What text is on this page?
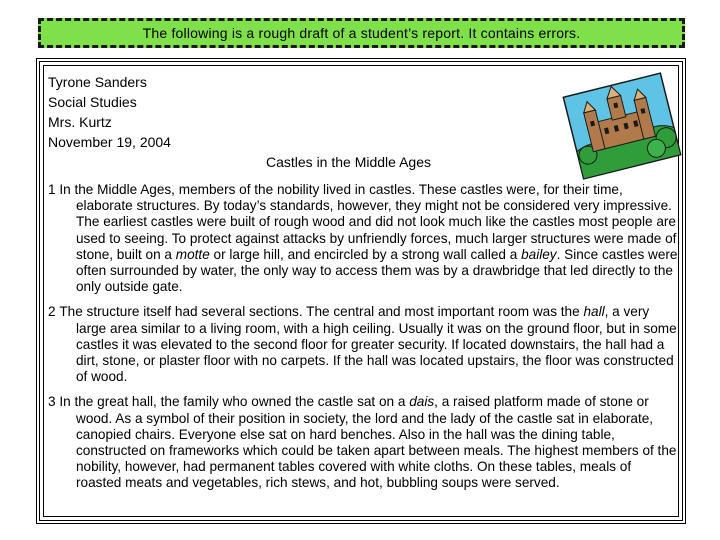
The following is a rough draft of a student’s report. It contains errors.
Tyrone Sanders
Social Studies
Mrs. Kurtz
November 19, 2004
Castles in the Middle Ages

1 In the Middle Ages, members of the nobility lived in castles. These castles were, for their time, elaborate structures. By today’s standards, however, they might not be considered very impressive. The earliest castles were built of rough wood and did not look much like the castles most people are used to seeing. To protect against attacks by unfriendly forces, much larger structures were made of stone, built on a motte or large hill, and encircled by a strong wall called a bailey. Since castles were often surrounded by water, the only way to access them was by a drawbridge that led directly to the only outside gate.

2 The structure itself had several sections. The central and most important room was the hall, a very large area similar to a living room, with a high ceiling. Usually it was on the ground floor, but in some castles it was elevated to the second floor for greater security. If located downstairs, the hall had a dirt, stone, or plaster floor with no carpets. If the hall was located upstairs, the floor was constructed of wood.

3 In the great hall, the family who owned the castle sat on a dais, a raised platform made of stone or wood. As a symbol of their position in society, the lord and the lady of the castle sat in elaborate, canopied chairs. Everyone else sat on hard benches. Also in the hall was the dining table, constructed on frameworks which could be taken apart between meals. The highest members of the nobility, however, had permanent tables covered with white cloths. On these tables, meals of roasted meats and vegetables, rich stews, and hot, bubbling soups were served.
